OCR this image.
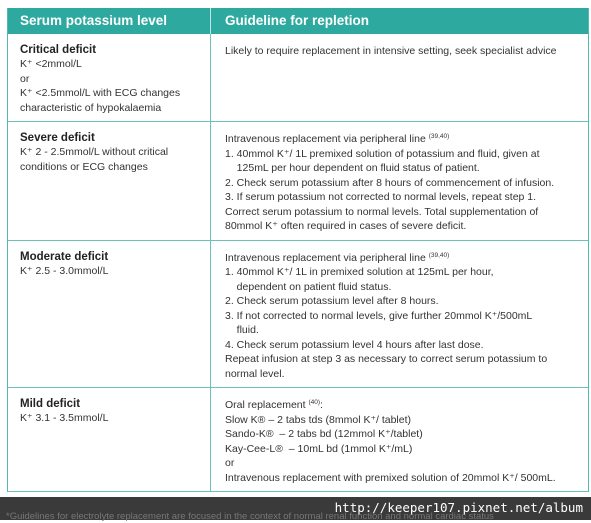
Serum potassium level	Guideline for repletion
Critical deficit
K⁺ <2mmol/L
or
K⁺ <2.5mmol/L with ECG changes
characteristic of hypokalaemia
Likely to require replacement in intensive setting, seek specialist advice
Severe deficit
K⁺ 2 - 2.5mmol/L without critical
conditions or ECG changes
Intravenous replacement via peripheral line $^{(39,40)}$
1. 40mmol K⁺/ 1L premixed solution of potassium and fluid, given at
125mL per hour dependent on fluid status of patient.
2. Check serum potassium after 8 hours of commencement of infusion.
3. If serum potassium not corrected to normal levels, repeat step 1.
Correct serum potassium to normal levels. Total supplementation of
80mmol K⁺ often required in cases of severe deficit.
Moderate deficit
K⁺ 2.5 - 3.0mmol/L
Intravenous replacement via peripheral line $^{(39,40)}$
1. 40mmol K⁺/ 1L in premixed solution at 125mL per hour,
dependent on patient fluid status.
2. Check serum potassium level after 8 hours.
3. If not corrected to normal levels, give further 20mmol K⁺/500mL
fluid.
4. Check serum potassium level 4 hours after last dose.
Repeat infusion at step 3 as necessary to correct serum potassium to
normal level.
Mild deficit
K⁺ 3.1 - 3.5mmol/L
Oral replacement $^{(40)}$:
Slow K® – 2 tabs tds (8mmol K⁺/ tablet)
Sando-K®  – 2 tabs bd (12mmol K⁺/tablet)
Kay-Cee-L®  – 10mL bd (1mmol K⁺/mL)
or
Intravenous replacement with premixed solution of 20mmol K⁺/ 500mL.
*Guidelines for electrolyte replacement are focused in the context of normal renal function and normal cardiac status
http://keeper107.pixnet.net/album
